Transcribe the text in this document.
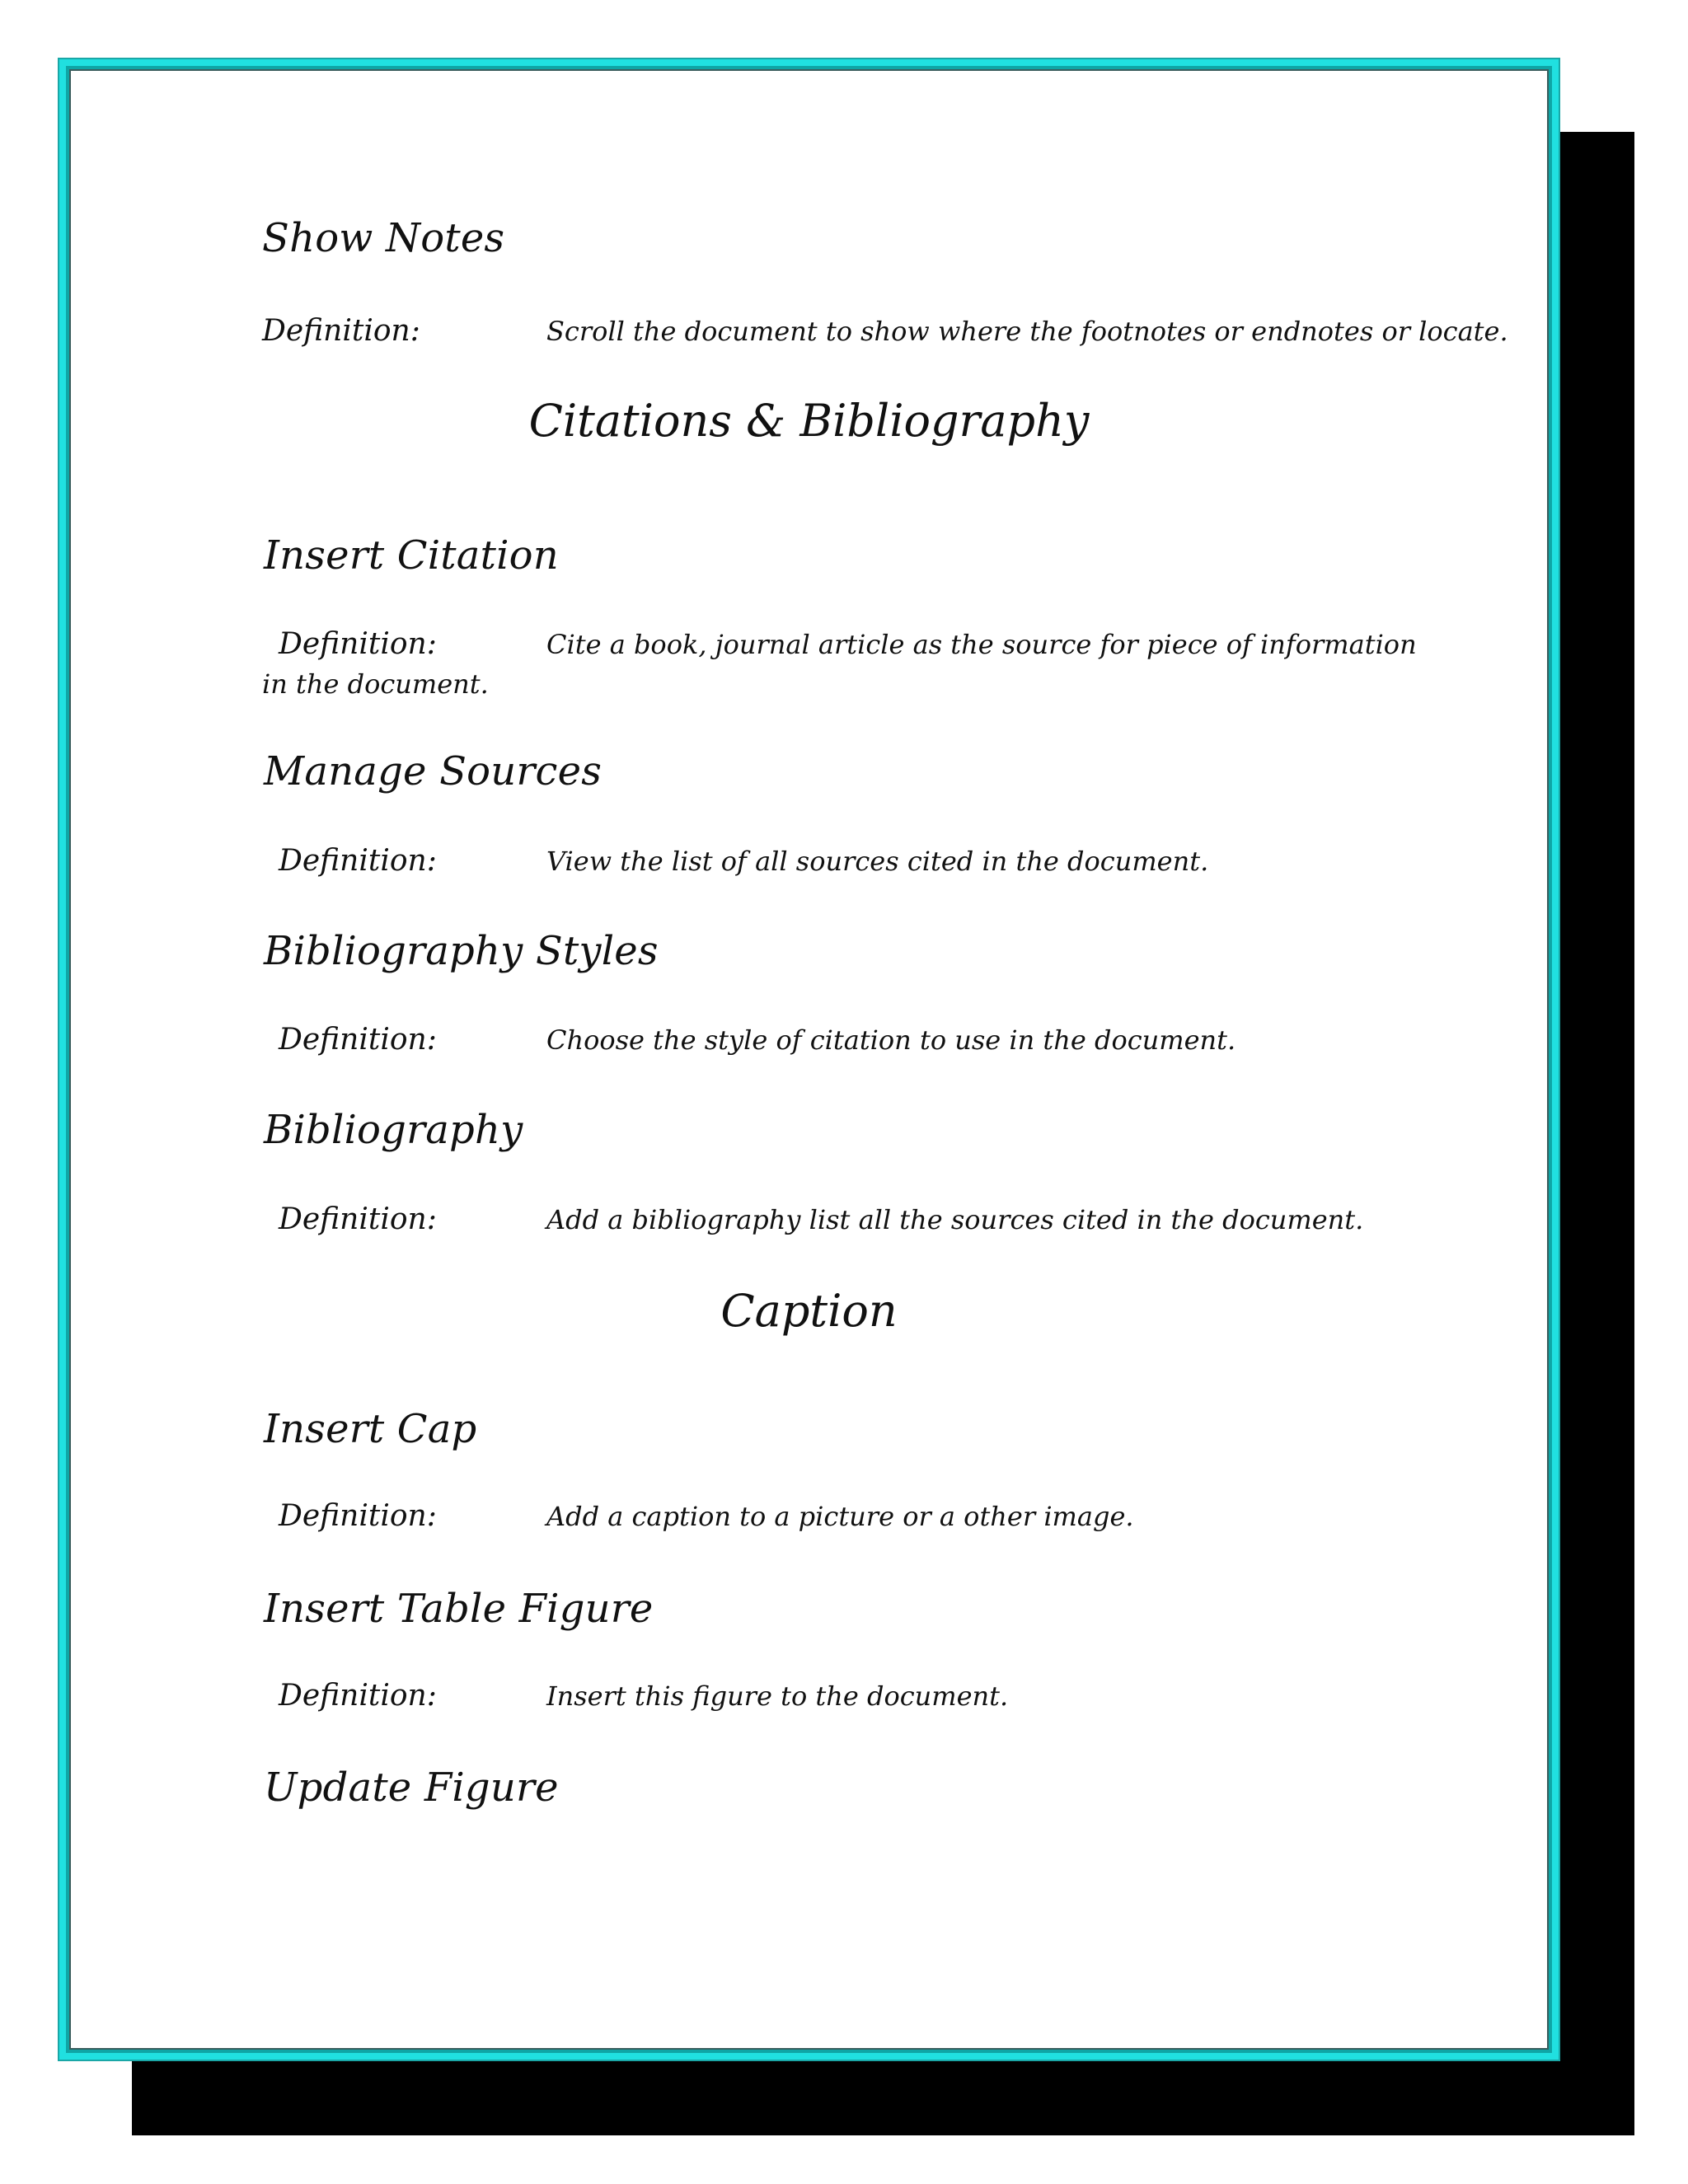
Show Notes
Definition:	Scroll the document to show where the footnotes or endnotes or locate.
Citations & Bibliography
Insert Citation
Definition:	Cite a book, journal article as the source for piece of information in the document.
Manage Sources
Definition:	View the list of all sources cited in the document.
Bibliography Styles
Definition:	Choose the style of citation to use in the document.
Bibliography
Definition:	Add a bibliography list all the sources cited in the document.
Caption
Insert Cap
Definition:	Add a caption to a picture or a other image.
Insert Table Figure
Definition:	Insert this figure to the document.
Update Figure
